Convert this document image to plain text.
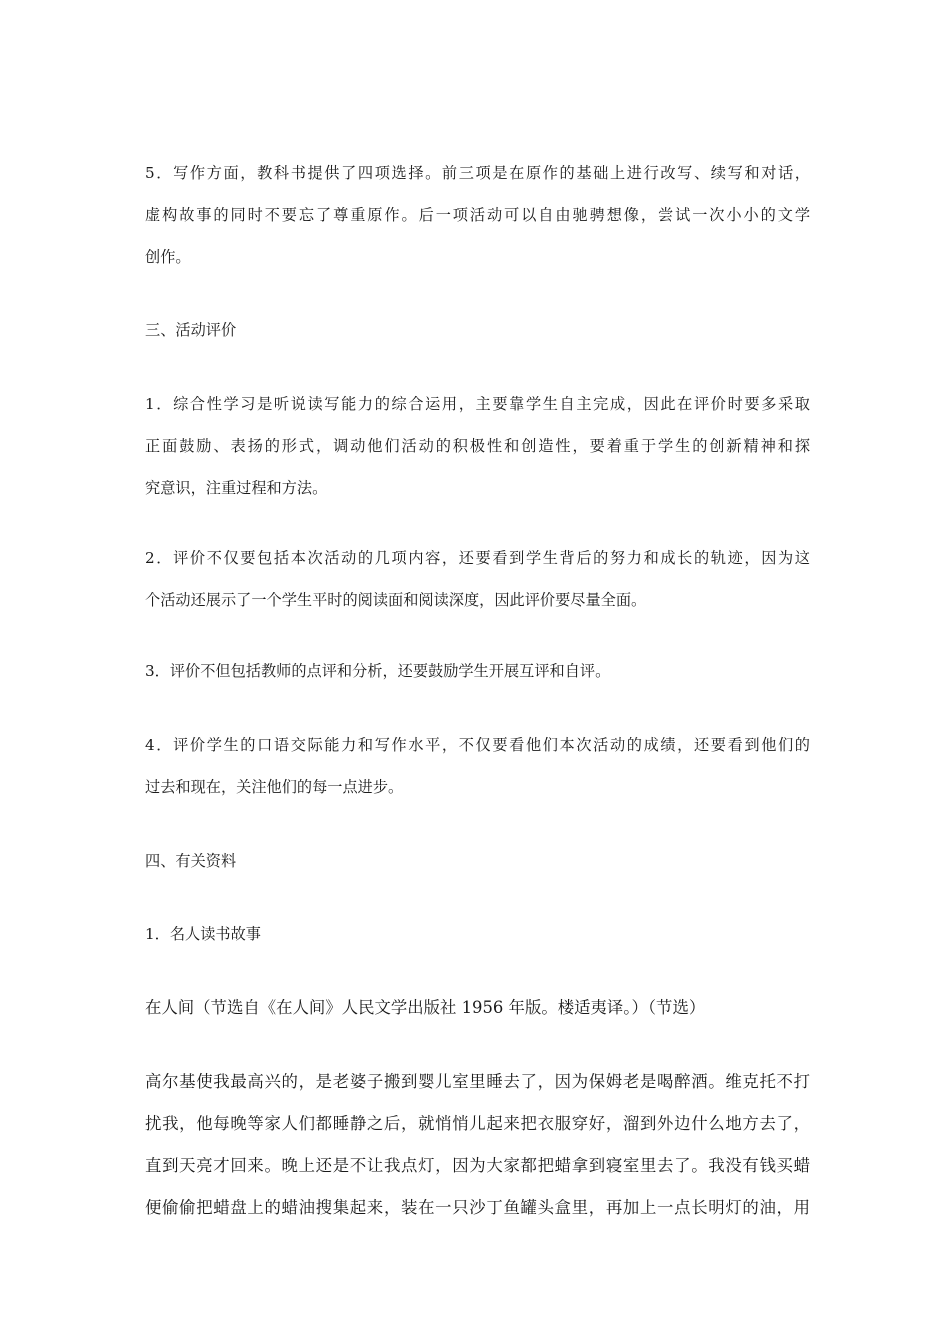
5．写作方面，教科书提供了四项选择。前三项是在原作的基础上进行改写、续写和对话，
虚构故事的同时不要忘了尊重原作。后一项活动可以自由驰骋想像，尝试一次小小的文学
创作。
三、活动评价
1．综合性学习是听说读写能力的综合运用，主要靠学生自主完成，因此在评价时要多采取
正面鼓励、表扬的形式，调动他们活动的积极性和创造性，要着重于学生的创新精神和探
究意识，注重过程和方法。
2．评价不仅要包括本次活动的几项内容，还要看到学生背后的努力和成长的轨迹，因为这
个活动还展示了一个学生平时的阅读面和阅读深度，因此评价要尽量全面。
3．评价不但包括教师的点评和分析，还要鼓励学生开展互评和自评。
4．评价学生的口语交际能力和写作水平，不仅要看他们本次活动的成绩，还要看到他们的
过去和现在，关注他们的每一点进步。
四、有关资料
1．名人读书故事
在人间（节选自《在人间》人民文学出版社 1956 年版。楼适夷译。）（节选）
高尔基使我最高兴的，是老婆子搬到婴儿室里睡去了，因为保姆老是喝醉酒。维克托不打
扰我，他每晚等家人们都睡静之后，就悄悄儿起来把衣服穿好，溜到外边什么地方去了，
直到天亮才回来。晚上还是不让我点灯，因为大家都把蜡拿到寝室里去了。我没有钱买蜡
便偷偷把蜡盘上的蜡油搜集起来，装在一只沙丁鱼罐头盒里，再加上一点长明灯的油，用
